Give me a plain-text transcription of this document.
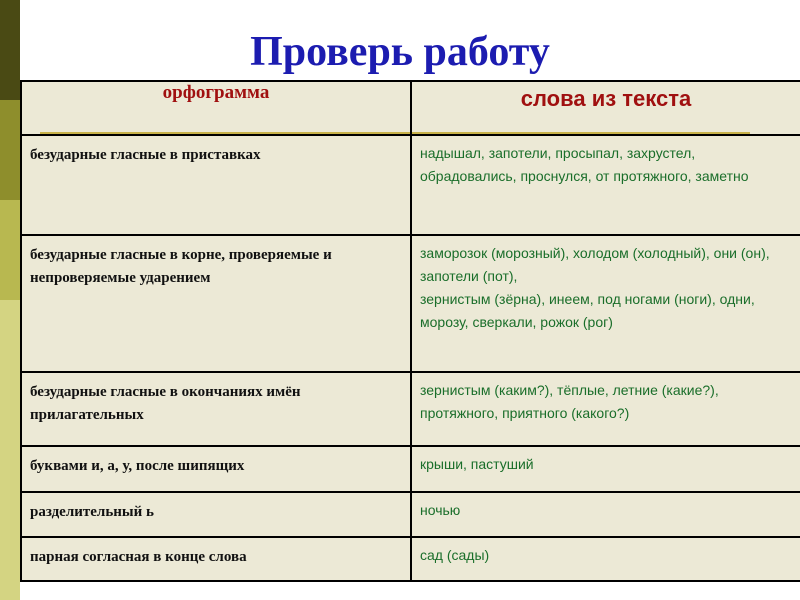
Проверь работу
орфограмма	слова из текста

безударные гласные в приставках	надышал, запотели, просыпал, захрустел, обрадовались, проснулся, от протяжного, заметно
безударные гласные в корне, проверяемые и непроверяемые ударением	заморозок (морозный), холодом (холодный), они (он), запотели (пот),
зернистым (зёрна), инеем, под ногами (ноги), одни, морозу, сверкали, рожок (рог)
безударные гласные в окончаниях имён прилагательных	зернистым (каким?), тёплые, летние (какие?), протяжного, приятного (какого?)
буквами и, а, у, после шипящих	крыши, пастуший
разделительный ь	ночью
парная согласная в конце слова	сад (сады)
